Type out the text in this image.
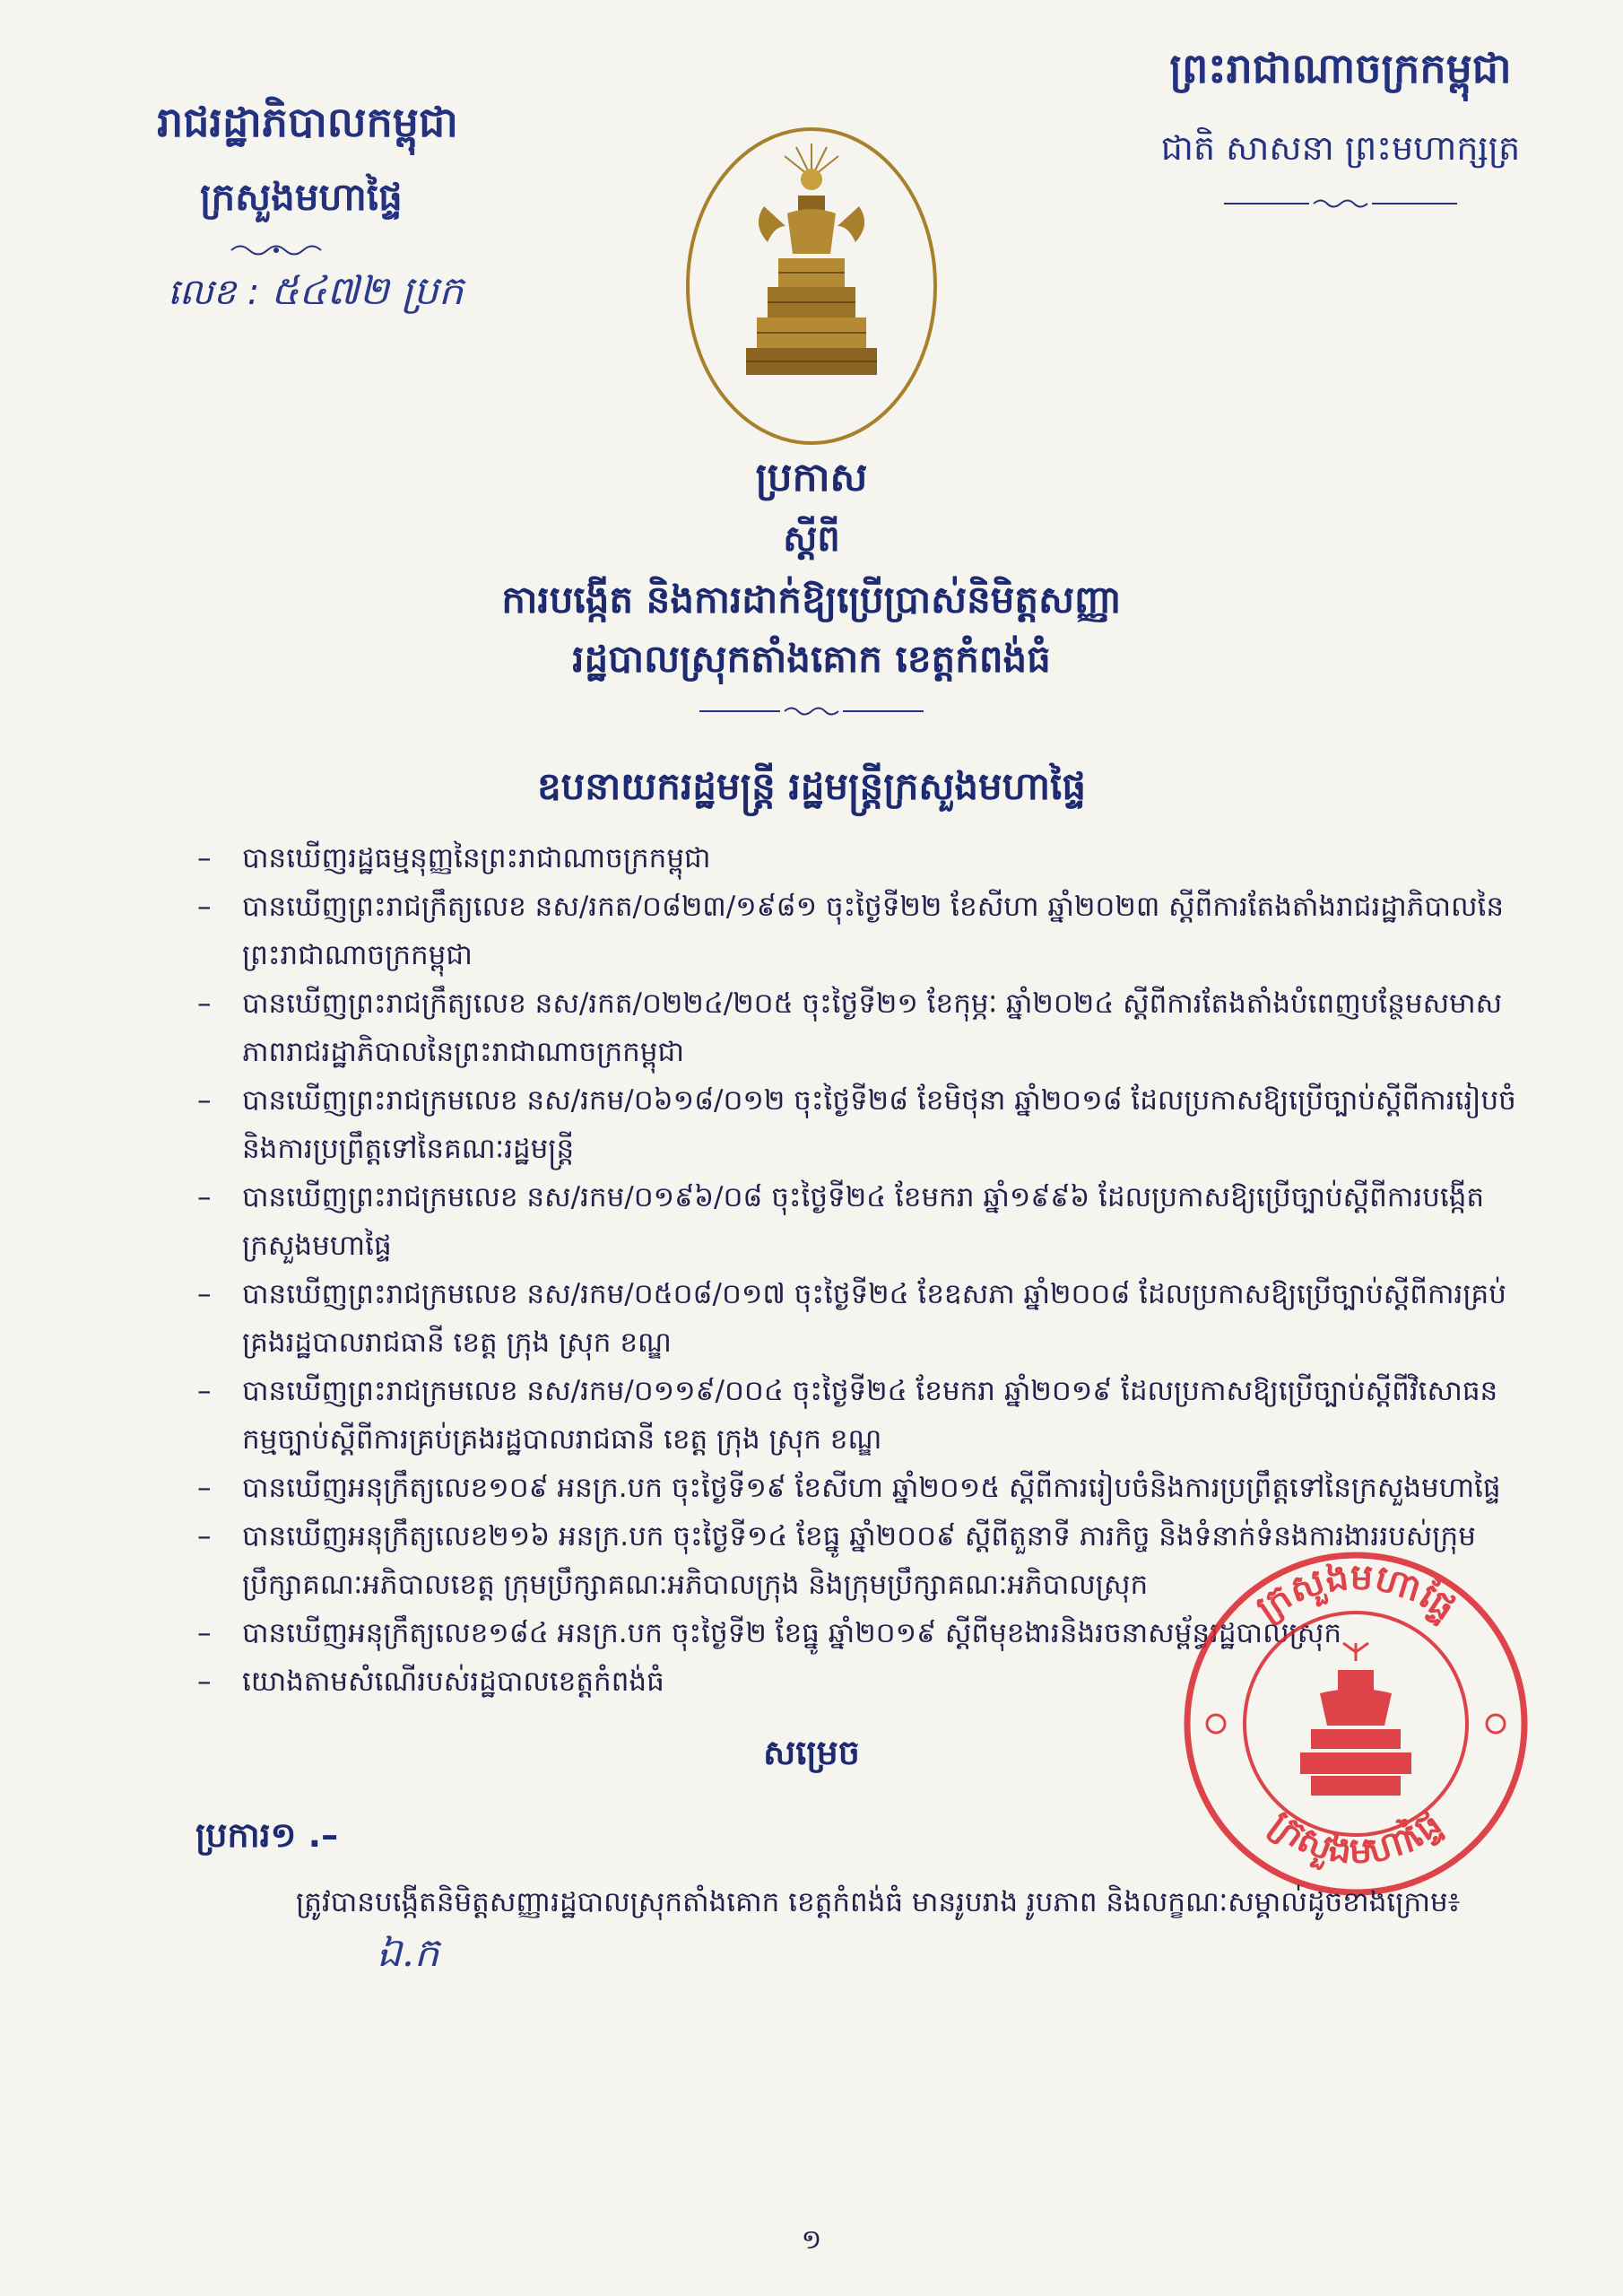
រាជរដ្ឋាភិបាលកម្ពុជា
ក្រសួងមហាផ្ទៃ
លេខ : ៥៤៧២ ប្រក
ព្រះរាជាណាចក្រកម្ពុជា
ជាតិ សាសនា ព្រះមហាក្សត្រ
ប្រកាស
ស្តីពី
ការបង្កើត និងការដាក់ឱ្យប្រើប្រាស់និមិត្តសញ្ញា
រដ្ឋបាលស្រុកតាំងគោក ខេត្តកំពង់ធំ
ឧបនាយករដ្ឋមន្ត្រី រដ្ឋមន្ត្រីក្រសួងមហាផ្ទៃ
– បានឃើញរដ្ឋធម្មនុញ្ញនៃព្រះរាជាណាចក្រកម្ពុជា
– បានឃើញព្រះរាជក្រឹត្យលេខ នស/រកត/០៨២៣/១៩៨១ ចុះថ្ងៃទី២២ ខែសីហា ឆ្នាំ២០២៣ ស្តីពីការតែងតាំងរាជរដ្ឋាភិបាលនៃព្រះរាជាណាចក្រកម្ពុជា
– បានឃើញព្រះរាជក្រឹត្យលេខ នស/រកត/០២២៤/២០៥ ចុះថ្ងៃទី២១ ខែកុម្ភៈ ឆ្នាំ២០២៤ ស្តីពីការតែងតាំងបំពេញបន្ថែមសមាសភាពរាជរដ្ឋាភិបាលនៃព្រះរាជាណាចក្រកម្ពុជា
– បានឃើញព្រះរាជក្រមលេខ នស/រកម/០៦១៨/០១២ ចុះថ្ងៃទី២៨ ខែមិថុនា ឆ្នាំ២០១៨ ដែលប្រកាសឱ្យប្រើច្បាប់ស្តីពីការរៀបចំនិងការប្រព្រឹត្តទៅនៃគណៈរដ្ឋមន្ត្រី
– បានឃើញព្រះរាជក្រមលេខ នស/រកម/០១៩៦/០៨ ចុះថ្ងៃទី២៤ ខែមករា ឆ្នាំ១៩៩៦ ដែលប្រកាសឱ្យប្រើច្បាប់ស្តីពីការបង្កើតក្រសួងមហាផ្ទៃ
– បានឃើញព្រះរាជក្រមលេខ នស/រកម/០៥០៨/០១៧ ចុះថ្ងៃទី២៤ ខែឧសភា ឆ្នាំ២០០៨ ដែលប្រកាសឱ្យប្រើច្បាប់ស្តីពីការគ្រប់គ្រងរដ្ឋបាលរាជធានី ខេត្ត ក្រុង ស្រុក ខណ្ឌ
– បានឃើញព្រះរាជក្រមលេខ នស/រកម/០១១៩/០០៤ ចុះថ្ងៃទី២៤ ខែមករា ឆ្នាំ២០១៩ ដែលប្រកាសឱ្យប្រើច្បាប់ស្តីពីវិសោធនកម្មច្បាប់ស្តីពីការគ្រប់គ្រងរដ្ឋបាលរាជធានី ខេត្ត ក្រុង ស្រុក ខណ្ឌ
– បានឃើញអនុក្រឹត្យលេខ១០៩ អនក្រ.បក ចុះថ្ងៃទី១៩ ខែសីហា ឆ្នាំ២០១៥ ស្តីពីការរៀបចំនិងការប្រព្រឹត្តទៅនៃក្រសួងមហាផ្ទៃ
– បានឃើញអនុក្រឹត្យលេខ២១៦ អនក្រ.បក ចុះថ្ងៃទី១៤ ខែធ្នូ ឆ្នាំ២០០៩ ស្តីពីតួនាទី ភារកិច្ច និងទំនាក់ទំនងការងាររបស់ក្រុមប្រឹក្សាគណៈអភិបាលខេត្ត ក្រុមប្រឹក្សាគណៈអភិបាលក្រុង និងក្រុមប្រឹក្សាគណៈអភិបាលស្រុក
– បានឃើញអនុក្រឹត្យលេខ១៨៤ អនក្រ.បក ចុះថ្ងៃទី២ ខែធ្នូ ឆ្នាំ២០១៩ ស្តីពីមុខងារនិងរចនាសម្ព័ន្ធរដ្ឋបាលស្រុក
– យោងតាមសំណើរបស់រដ្ឋបាលខេត្តកំពង់ធំ
ក្រសួងមហាផ្ទៃ
ក្រសួងមហាផ្ទៃ
សម្រេច
ប្រការ១ .–
ត្រូវបានបង្កើតនិមិត្តសញ្ញារដ្ឋបាលស្រុកតាំងគោក ខេត្តកំពង់ធំ មានរូបរាង រូបភាព និងលក្ខណៈសម្គាល់ដូចខាងក្រោម៖
ឯ.ក
១
